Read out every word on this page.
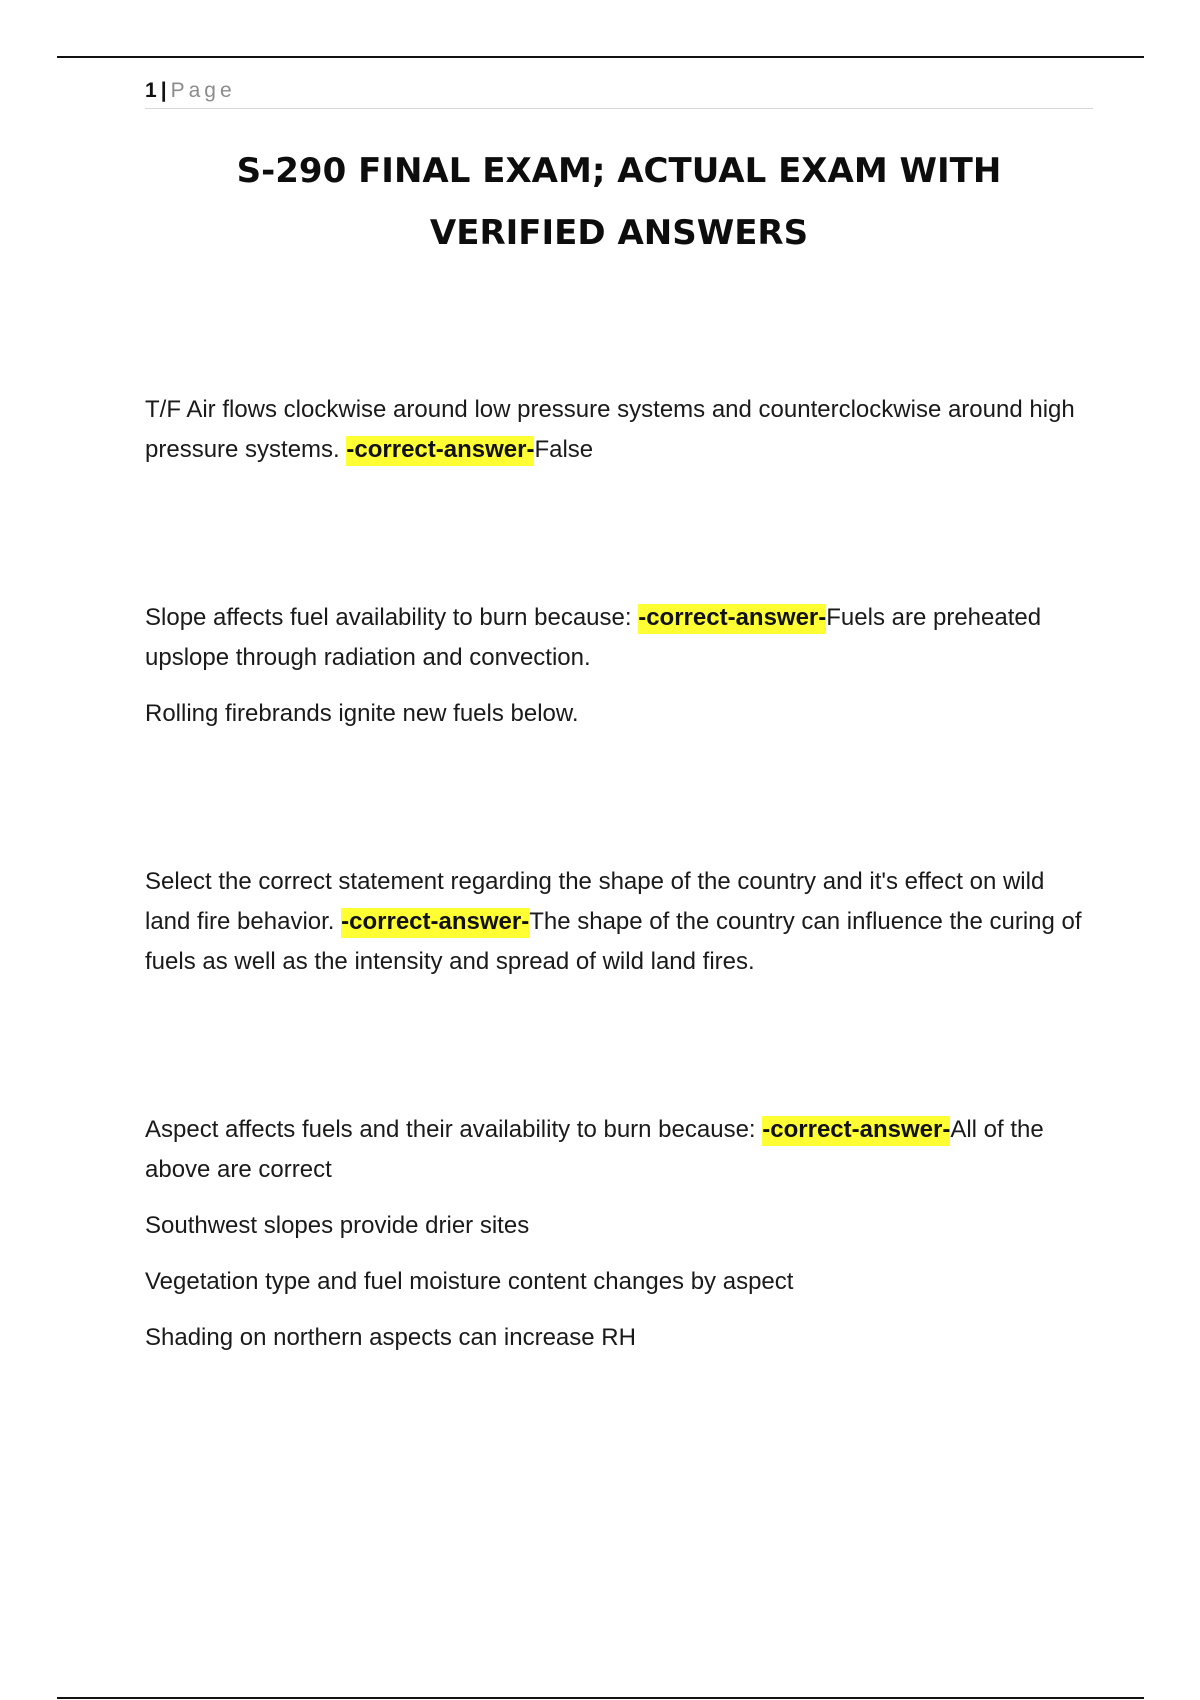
1 | Page
S-290 FINAL EXAM; ACTUAL EXAM WITH
VERIFIED ANSWERS

T/F Air flows clockwise around low pressure systems and counterclockwise around high pressure systems. -correct-answer-False

Slope affects fuel availability to burn because: -correct-answer-Fuels are preheated upslope through radiation and convection.

Rolling firebrands ignite new fuels below.

Select the correct statement regarding the shape of the country and it's effect on wild land fire behavior. -correct-answer-The shape of the country can influence the curing of fuels as well as the intensity and spread of wild land fires.

Aspect affects fuels and their availability to burn because: -correct-answer-All of the above are correct

Southwest slopes provide drier sites

Vegetation type and fuel moisture content changes by aspect

Shading on northern aspects can increase RH
